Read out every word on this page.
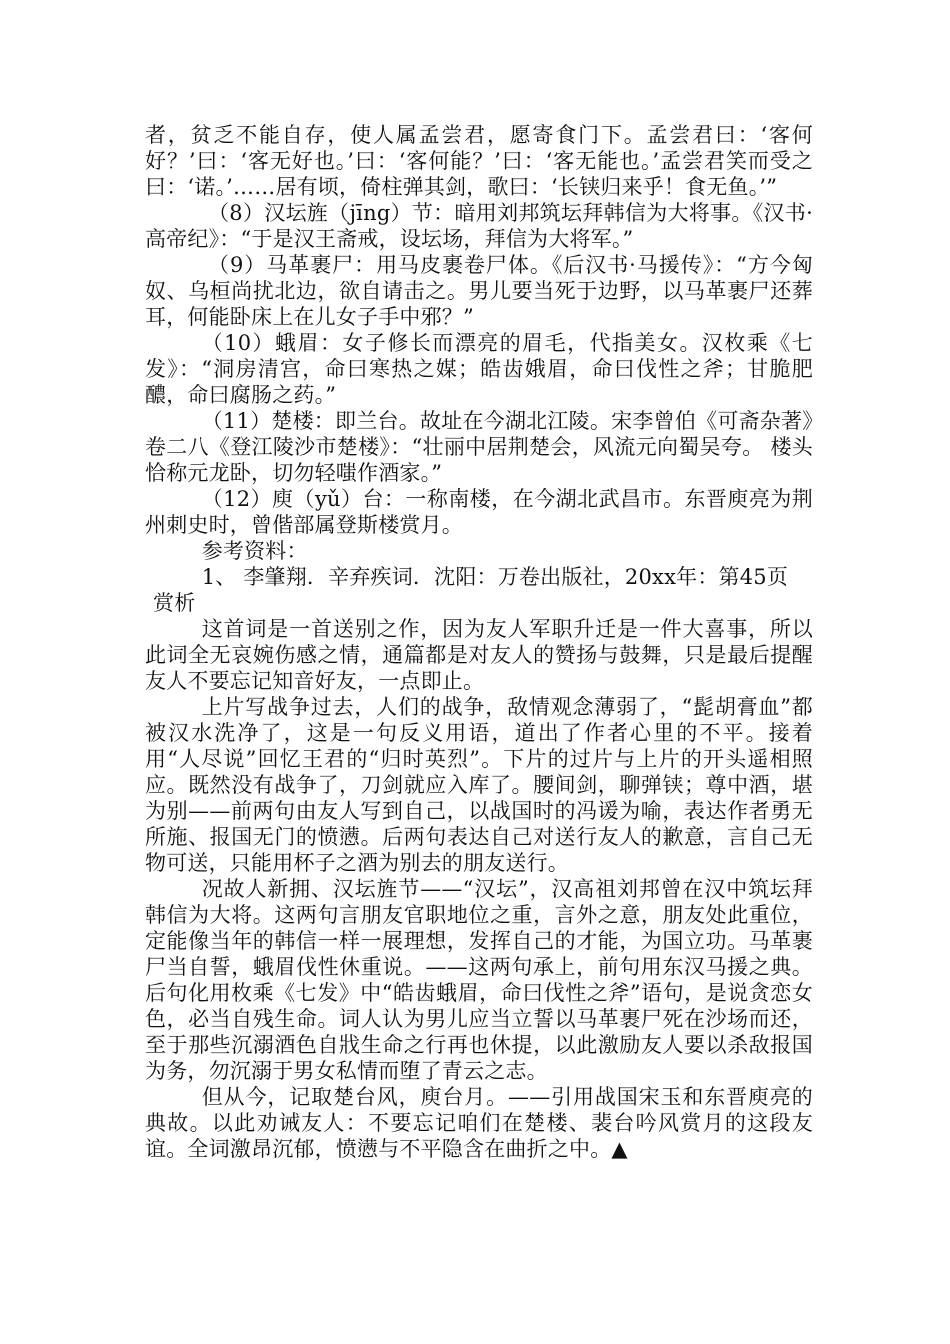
者，贫乏不能自存，使人属孟尝君，愿寄食门下。孟尝君曰：‘客何好？’曰：‘客无好也。’曰：‘客何能？’曰：‘客无能也。’孟尝君笑而受之曰：‘诺。’……居有顷，倚柱弹其剑，歌曰：‘长铗归来乎！食无鱼。’”

（8）汉坛旌（jīng）节：暗用刘邦筑坛拜韩信为大将事。《汉书·高帝纪》：“于是汉王斋戒，设坛场，拜信为大将军。”

（9）马革裹尸：用马皮裹卷尸体。《后汉书·马援传》：“方今匈奴、乌桓尚扰北边，欲自请击之。男儿要当死于边野，以马革裹尸还葬耳，何能卧床上在儿女子手中邪？”

（10）蛾眉：女子修长而漂亮的眉毛，代指美女。汉枚乘《七发》：“洞房清宫，命曰寒热之媒；皓齿娥眉，命曰伐性之斧；甘脆肥醲，命曰腐肠之药。”

（11）楚楼：即兰台。故址在今湖北江陵。宋李曾伯《可斋杂著》卷二八《登江陵沙市楚楼》：“壮丽中居荆楚会，风流元向蜀吴夸。 楼头恰称元龙卧，切勿轻嗤作酒家。”

（12）庾（yǔ）台：一称南楼，在今湖北武昌市。东晋庾亮为荆州刺史时，曾偕部属登斯楼赏月。

参考资料：

1、 李肇翔．辛弃疾词．沈阳：万卷出版社，20xx年：第45页

赏析

这首词是一首送别之作，因为友人军职升迁是一件大喜事，所以此词全无哀婉伤感之情，通篇都是对友人的赞扬与鼓舞，只是最后提醒友人不要忘记知音好友，一点即止。

上片写战争过去，人们的战争，敌情观念薄弱了，“髭胡膏血”都被汉水洗净了，这是一句反义用语，道出了作者心里的不平。接着用“人尽说”回忆王君的“归时英烈”。下片的过片与上片的开头遥相照应。既然没有战争了，刀剑就应入库了。腰间剑，聊弹铗；尊中酒，堪为别——前两句由友人写到自己，以战国时的冯谖为喻，表达作者勇无所施、报国无门的愤懑。后两句表达自己对送行友人的歉意，言自己无物可送，只能用杯子之酒为别去的朋友送行。

况故人新拥、汉坛旌节——“汉坛”，汉高祖刘邦曾在汉中筑坛拜韩信为大将。这两句言朋友官职地位之重，言外之意，朋友处此重位，定能像当年的韩信一样一展理想，发挥自己的才能，为国立功。马革裹尸当自誓，蛾眉伐性休重说。——这两句承上，前句用东汉马援之典。后句化用枚乘《七发》中“皓齿蛾眉，命曰伐性之斧”语句，是说贪恋女色，必当自残生命。词人认为男儿应当立誓以马革裹尸死在沙场而还，至于那些沉溺酒色自戕生命之行再也休提，以此激励友人要以杀敌报国为务，勿沉溺于男女私情而堕了青云之志。

但从今，记取楚台风，庾台月。——引用战国宋玉和东晋庾亮的典故。以此劝诫友人：不要忘记咱们在楚楼、裴台吟风赏月的这段友谊。全词激昂沉郁，愤懑与不平隐含在曲折之中。▲
